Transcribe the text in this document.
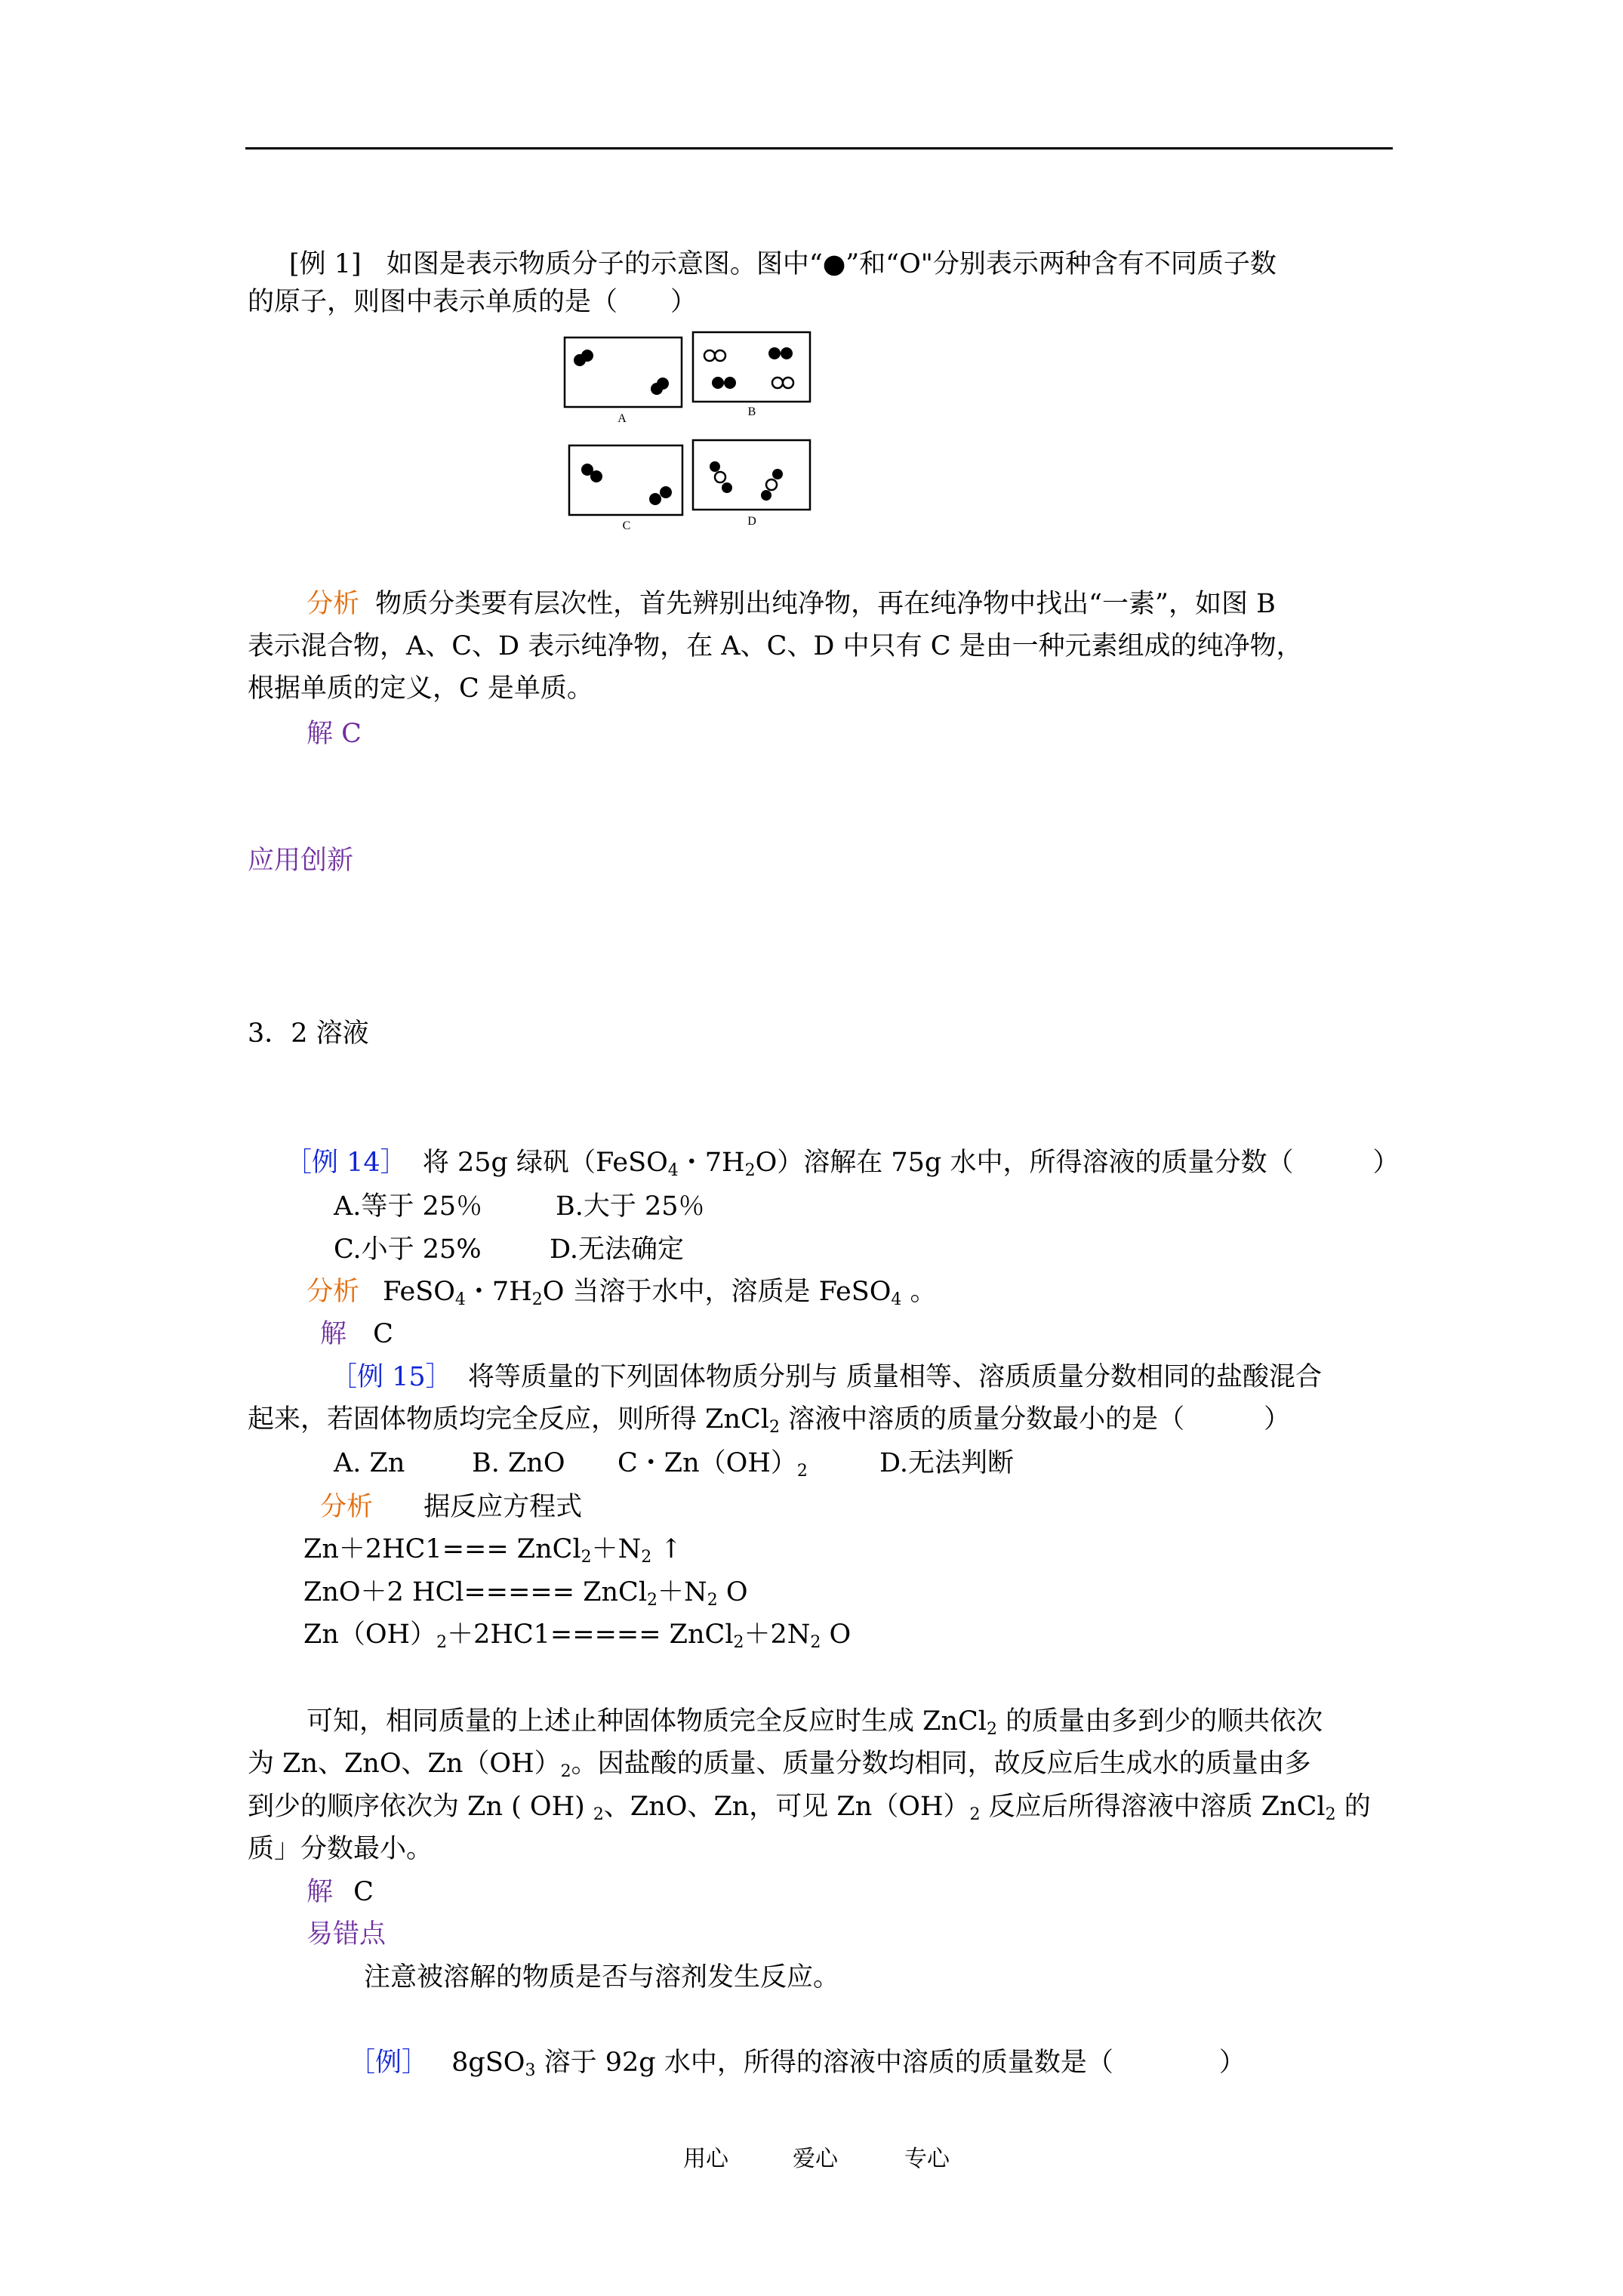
[例 1] 如图是表示物质分子的示意图。图中“●”和“O"分别表示两种含有不同质子数
的原子，则图中表示单质的是（　　）
A
B
C	D
分析 物质分类要有层次性，首先辨别出纯净物，再在纯净物中找出“一素”，如图 B
表示混合物，A、C、D 表示纯净物，在 A、C、D 中只有 C 是由一种元素组成的纯净物，
根据单质的定义，C 是单质。
解 C
应用创新
3．2 溶液
［例 14］ 将 25g 绿矾（FeSO$_4$・$7H_2O$）溶解在 75g 水中，所得溶液的质量分数（　　　）
A.等于 25％	B.大于 25％
C.小于 25%	D.无法确定
分析 FeSO$_4$・$7H_2O$ 当溶于水中，溶质是 FeSO$_4$ 。
解 C
［例 15］ 将等质量的下列固体物质分别与 质量相等、溶质质量分数相同的盐酸混合
起来，若固体物质均完全反应，则所得 ZnCl$_2$ 溶液中溶质的质量分数最小的是（　　　）
A. Zn	B. ZnO C・$Zn(OH)_2$	D.无法判断
分析 据反应方程式
$Zn+2HC1=== ZnCl_2+N_2$ ↑
ZnO＋2 $HCl===== ZnCl_2+N_2$ O
$Zn(OH)_2+2HC1=====$ $ZnCl_2+2N_2$ O
可知，相同质量的上述止种固体物质完全反应时生成 ZnCl$_2$ 的质量由多到少的顺共依次
为 Zn、ZnO、$Zn(OH)_2$。因盐酸的质量、质量分数均相同，故反应后生成水的质量由多
到少的顺序依次为 Zn ( OH) $_2$、ZnO、Zn，可见 $Zn(OH)_2$ 反应后所得溶液中溶质 ZnCl$_2$ 的
质」分数最小。
解 C
易错点
注意被溶解的物质是否与溶剂发生反应。
［例］ 8gSO$_3$ 溶于 92g 水中，所得的溶液中溶质的质量数是（　　　　）
用心	爱心	专心
